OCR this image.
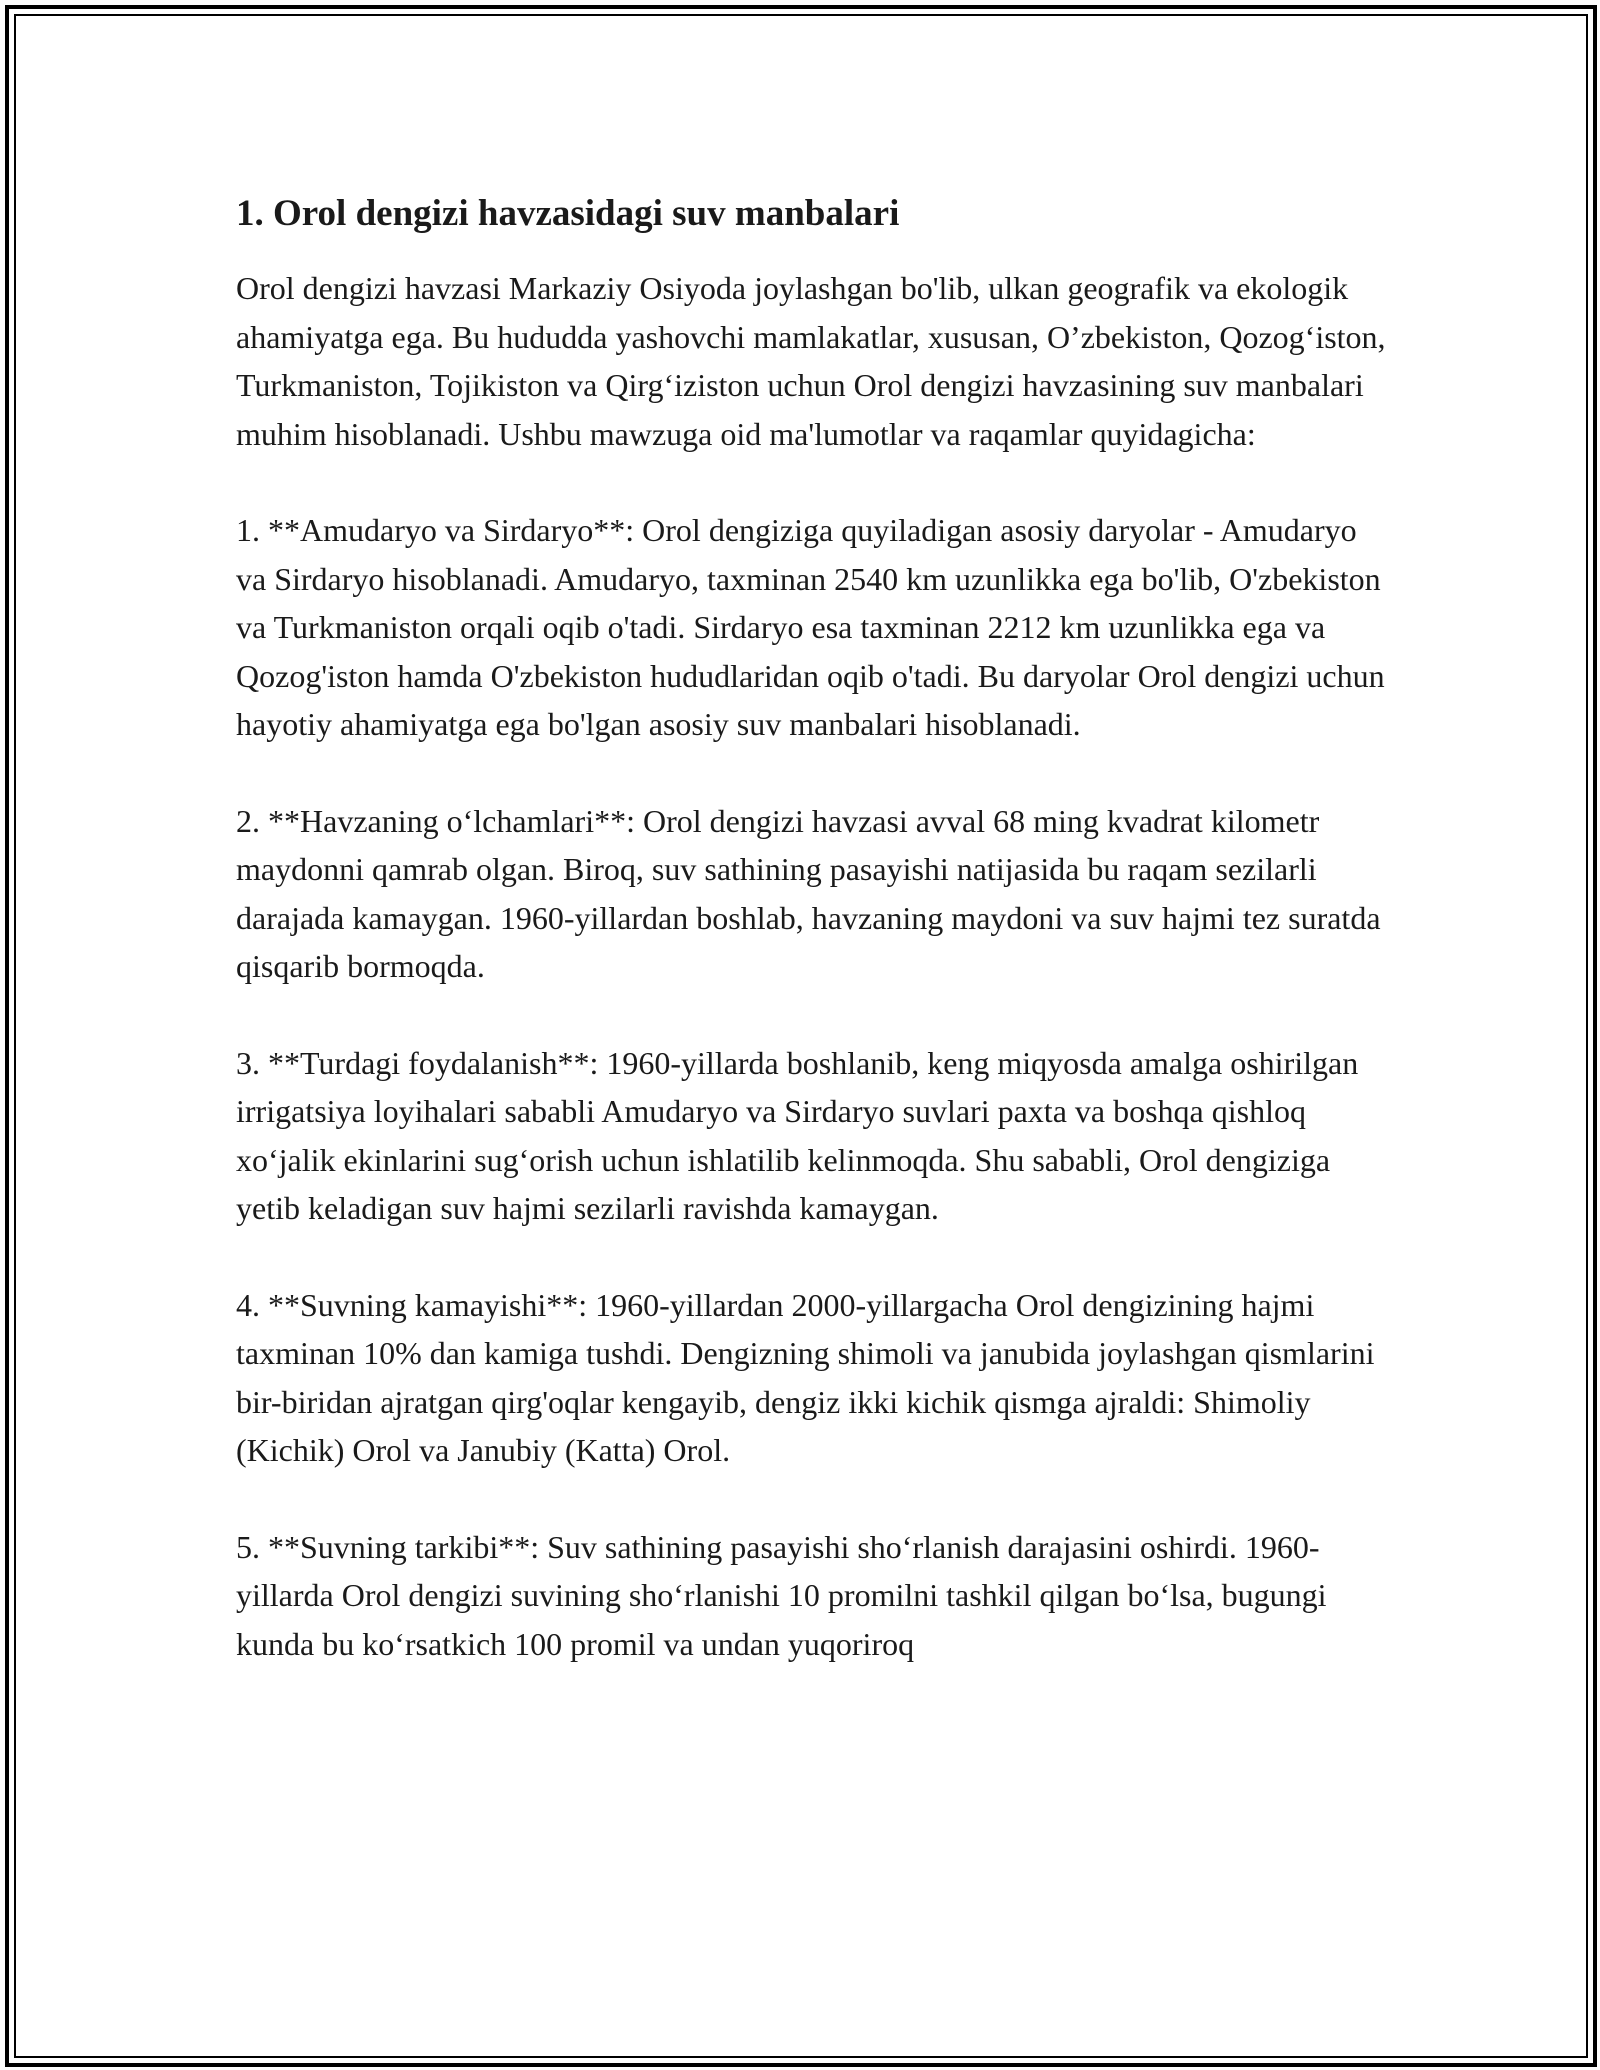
1. Orol dengizi havzasidagi suv manbalari

Orol dengizi havzasi Markaziy Osiyoda joylashgan bo'lib, ulkan geografik va ekologik ahamiyatga ega. Bu hududda yashovchi mamlakatlar, xususan, O’zbekiston, Qozog‘iston, Turkmaniston, Tojikiston va Qirg‘iziston uchun Orol dengizi havzasining suv manbalari muhim hisoblanadi. Ushbu mawzuga oid ma'lumotlar va raqamlar quyidagicha:

1. **Amudaryo va Sirdaryo**: Orol dengiziga quyiladigan asosiy daryolar - Amudaryo va Sirdaryo hisoblanadi. Amudaryo, taxminan 2540 km uzunlikka ega bo'lib, O'zbekiston va Turkmaniston orqali oqib o'tadi. Sirdaryo esa taxminan 2212 km uzunlikka ega va Qozog'iston hamda O'zbekiston hududlaridan oqib o'tadi. Bu daryolar Orol dengizi uchun hayotiy ahamiyatga ega bo'lgan asosiy suv manbalari hisoblanadi.

2. **Havzaning o‘lchamlari**: Orol dengizi havzasi avval 68 ming kvadrat kilometr maydonni qamrab olgan. Biroq, suv sathining pasayishi natijasida bu raqam sezilarli darajada kamaygan. 1960-yillardan boshlab, havzaning maydoni va suv hajmi tez suratda qisqarib bormoqda.

3. **Turdagi foydalanish**: 1960-yillarda boshlanib, keng miqyosda amalga oshirilgan irrigatsiya loyihalari sababli Amudaryo va Sirdaryo suvlari paxta va boshqa qishloq xo‘jalik ekinlarini sug‘orish uchun ishlatilib kelinmoqda. Shu sababli, Orol dengiziga yetib keladigan suv hajmi sezilarli ravishda kamaygan.

4. **Suvning kamayishi**: 1960-yillardan 2000-yillargacha Orol dengizining hajmi taxminan 10% dan kamiga tushdi. Dengizning shimoli va janubida joylashgan qismlarini bir-biridan ajratgan qirg'oqlar kengayib, dengiz ikki kichik qismga ajraldi: Shimoliy (Kichik) Orol va Janubiy (Katta) Orol.

5. **Suvning tarkibi**: Suv sathining pasayishi sho‘rlanish darajasini oshirdi. 1960-yillarda Orol dengizi suvining sho‘rlanishi 10 promilni tashkil qilgan bo‘lsa, bugungi kunda bu ko‘rsatkich 100 promil va undan yuqoriroq
